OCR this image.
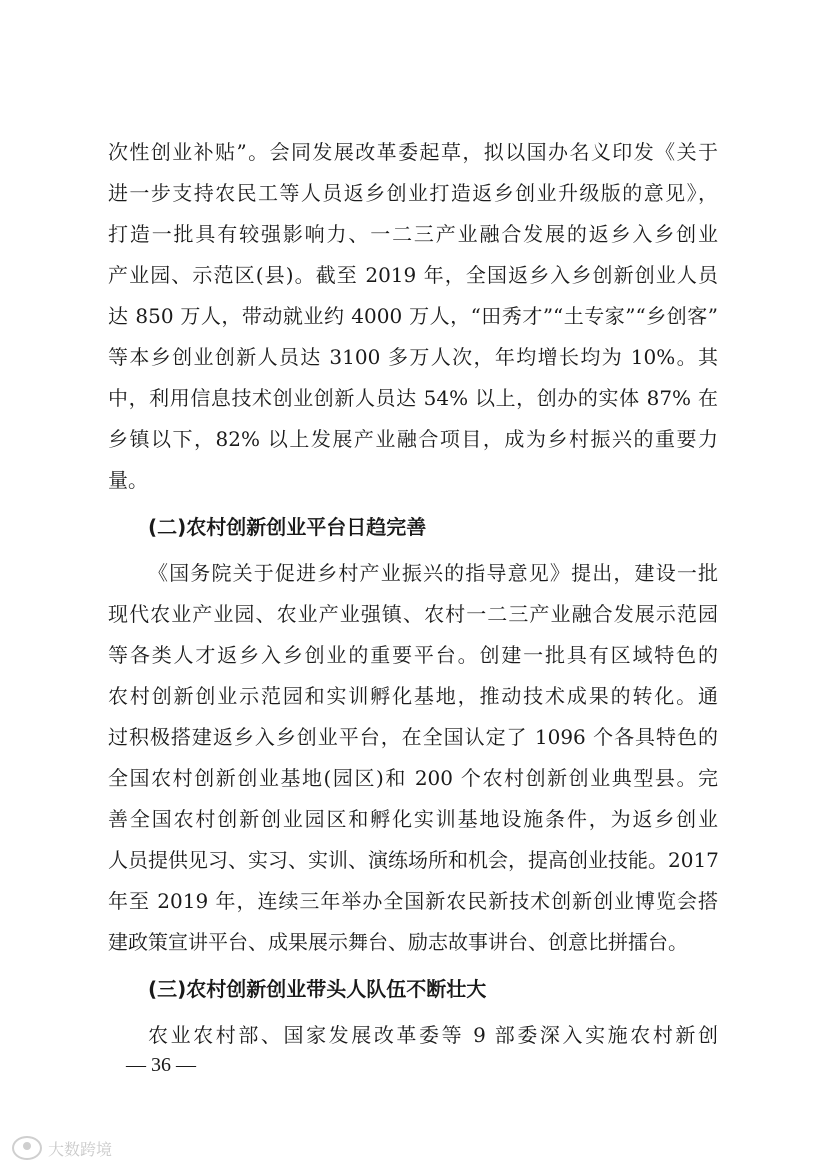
次性创业补贴”。会同发展改革委起草，拟以国办名义印发《关于
进一步支持农民工等人员返乡创业打造返乡创业升级版的意见》，
打造一批具有较强影响力、一二三产业融合发展的返乡入乡创业
产业园、示范区(县)。截至 2019 年，全国返乡入乡创新创业人员
达 850 万人，带动就业约 4000 万人，“田秀才”“土专家”“乡创客”
等本乡创业创新人员达 3100 多万人次，年均增长均为 10%。其
中，利用信息技术创业创新人员达 54% 以上，创办的实体 87% 在
乡镇以下，82% 以上发展产业融合项目，成为乡村振兴的重要力
量。
(二)农村创新创业平台日趋完善
《国务院关于促进乡村产业振兴的指导意见》提出，建设一批
现代农业产业园、农业产业强镇、农村一二三产业融合发展示范园
等各类人才返乡入乡创业的重要平台。创建一批具有区域特色的
农村创新创业示范园和实训孵化基地，推动技术成果的转化。通
过积极搭建返乡入乡创业平台，在全国认定了 1096 个各具特色的
全国农村创新创业基地(园区)和 200 个农村创新创业典型县。完
善全国农村创新创业园区和孵化实训基地设施条件，为返乡创业
人员提供见习、实习、实训、演练场所和机会，提高创业技能。2017
年至 2019 年，连续三年举办全国新农民新技术创新创业博览会搭
建政策宣讲平台、成果展示舞台、励志故事讲台、创意比拼擂台。
(三)农村创新创业带头人队伍不断壮大
农业农村部、国家发展改革委等 9 部委深入实施农村新创
— 36 —
大数跨境
